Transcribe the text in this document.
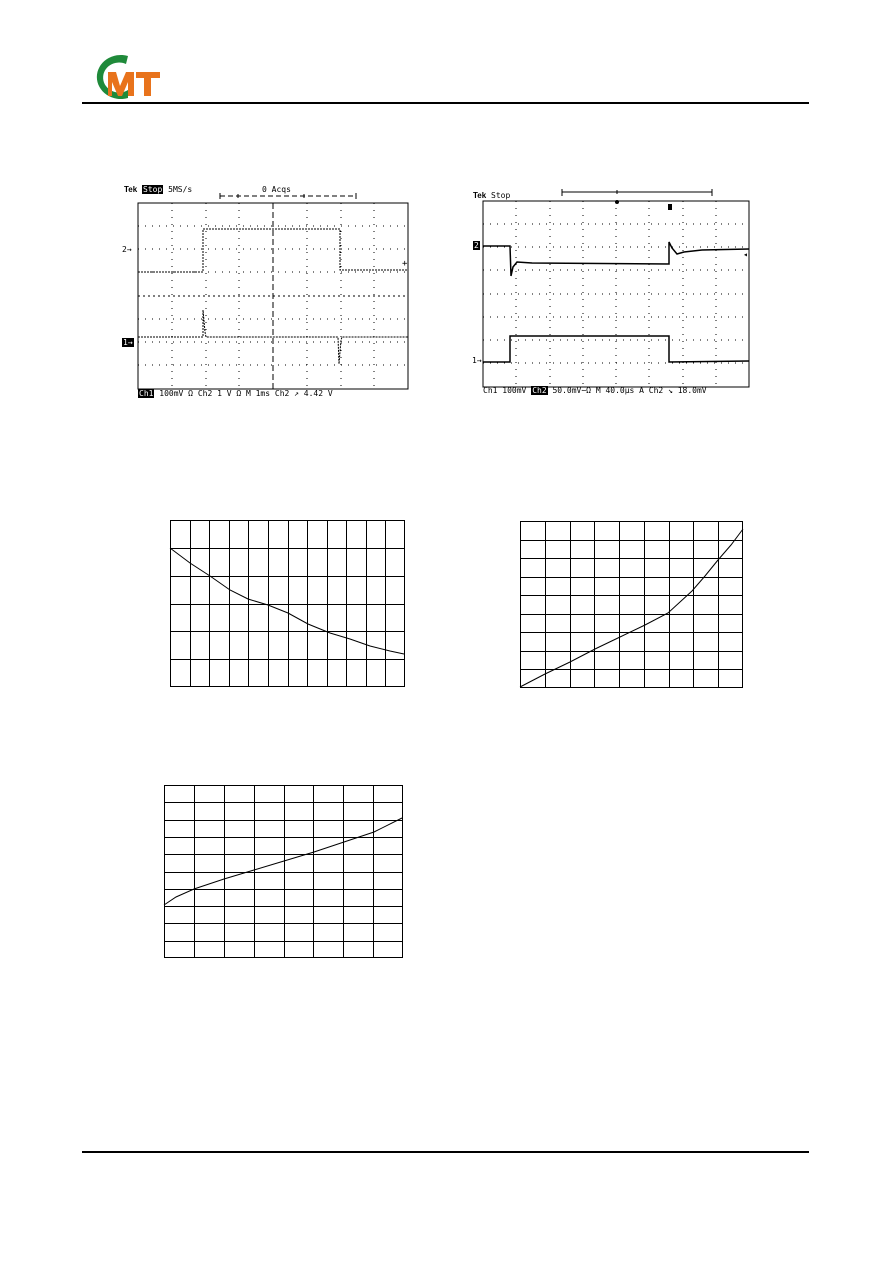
Tek Stop 5MS/s	0 Acqs
+
2→
1→
Ch1 100mV Ω Ch2 1 V Ω M 1ms Ch2 ↗ 4.42 V
Tek Stop
◂
2
1→
Ch1 100mV Ch2 50.0mV∼Ω M 40.0µs A Ch2 ↘ 18.0mV
